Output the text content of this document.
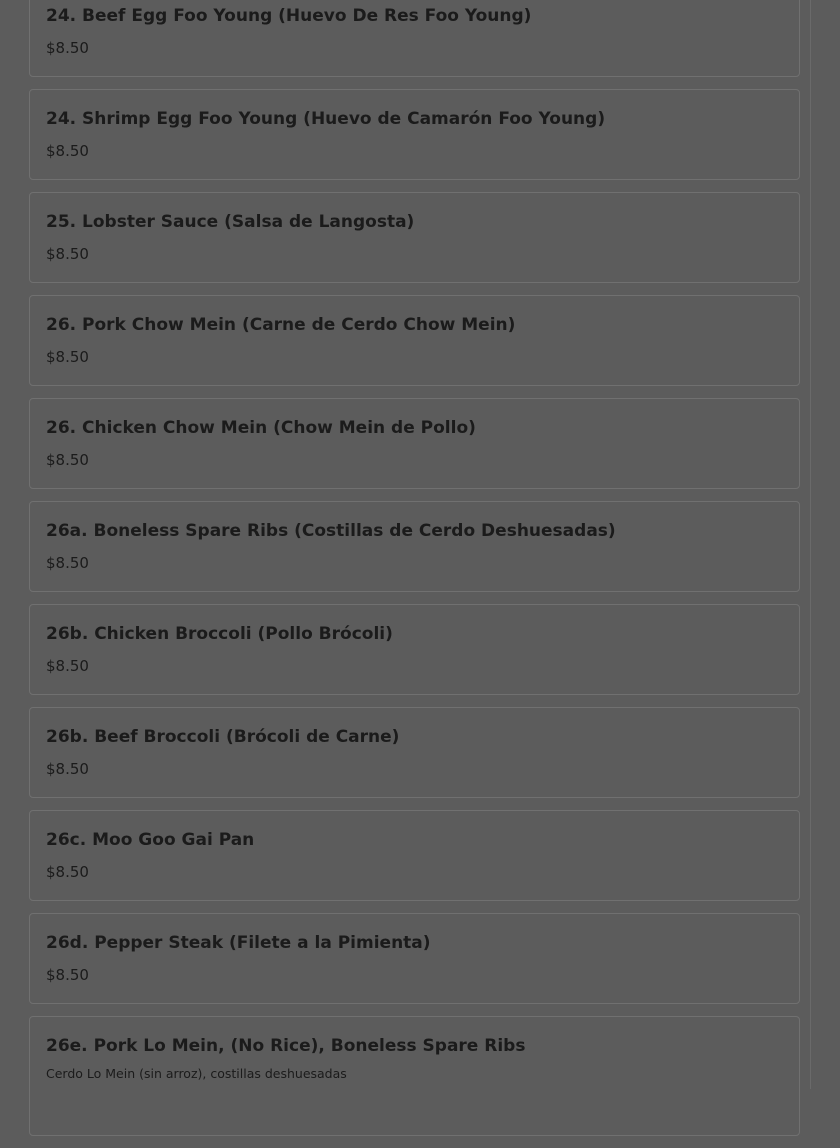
24. Beef Egg Foo Young (Huevo De Res Foo Young)
$8.50
24. Shrimp Egg Foo Young (Huevo de Camarón Foo Young)
$8.50
25. Lobster Sauce (Salsa de Langosta)
$8.50
26. Pork Chow Mein (Carne de Cerdo Chow Mein)
$8.50
26. Chicken Chow Mein (Chow Mein de Pollo)
$8.50
26a. Boneless Spare Ribs (Costillas de Cerdo Deshuesadas)
$8.50
26b. Chicken Broccoli (Pollo Brócoli)
$8.50
26b. Beef Broccoli (Brócoli de Carne)
$8.50
26c. Moo Goo Gai Pan
$8.50
26d. Pepper Steak (Filete a la Pimienta)
$8.50
26e. Pork Lo Mein, (No Rice), Boneless Spare Ribs
Cerdo Lo Mein (sin arroz), costillas deshuesadas
